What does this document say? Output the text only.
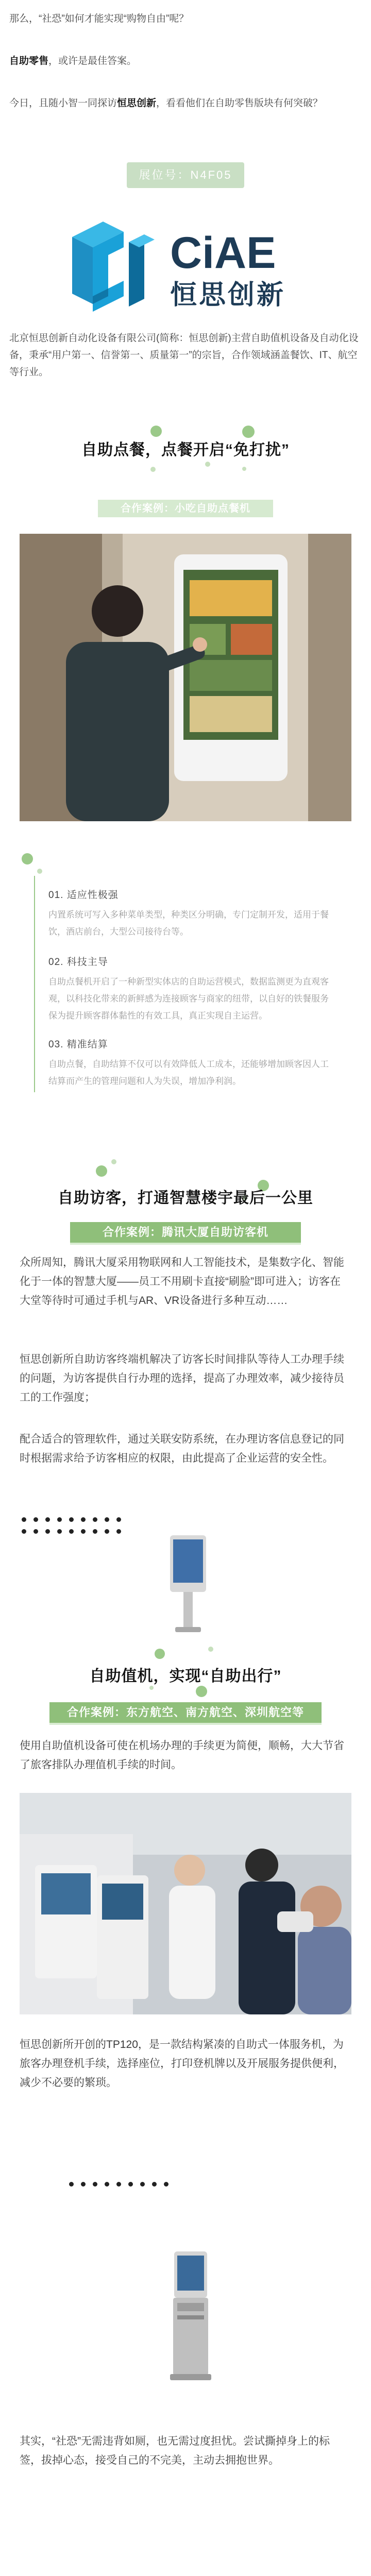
那么，“社恐”如何才能实现“购物自由”呢？

自助零售，或许是最佳答案。

今日，且随小智一同探访恒思创新，看看他们在自助零售版块有何突破？

展位号：N4F05
CiAE
恒思创新

北京恒思创新自动化设备有限公司(简称：恒思创新)主营自助值机设备及自动化设备，秉承“用户第一、信誉第一、质量第一”的宗旨，合作领域涵盖餐饮、IT、航空等行业。

自助点餐，点餐开启“免打扰”
合作案例：小吃自助点餐机

01. 适应性极强

内置系统可写入多种菜单类型，种类区分明确，专门定制开发，适用于餐饮，酒店前台，大型公司接待台等。

02. 科技主导

自助点餐机开启了一种新型实体店的自助运营模式，数据监测更为直观客观，以科技化带来的新鲜感为连接顾客与商家的纽带，以自好的铁餐服务保为提升顾客群体黏性的有效工具，真正实现自主运营。

03. 精准结算

自助点餐，自助结算不仅可以有效降低人工成本，还能够增加顾客因人工结算而产生的管理问题和人为失误，增加净利润。

自助访客，打通智慧楼宇最后一公里
合作案例：腾讯大厦自助访客机

众所周知，腾讯大厦采用物联网和人工智能技术，是集数字化、智能化于一体的智慧大厦——员工不用刷卡直接“刷脸”即可进入；访客在大堂等待时可通过手机与AR、VR设备进行多种互动……

恒思创新所自助访客终端机解决了访客长时间排队等待人工办理手续的问题，为访客提供自行办理的选择，提高了办理效率，减少接待员工的工作强度；

配合适合的管理软件，通过关联安防系统，在办理访客信息登记的同时根据需求给予访客相应的权限，由此提高了企业运营的安全性。

自助值机，实现“自助出行”
合作案例：东方航空、南方航空、深圳航空等

使用自助值机设备可使在机场办理的手续更为简便，顺畅，大大节省了旅客排队办理值机手续的时间。

恒思创新所开创的TP120，是一款结构紧凑的自助式一体服务机，为旅客办理登机手续，选择座位，打印登机牌以及开展服务提供便利，减少不必要的繁琐。

其实，“社恐”无需违背如厕，也无需过度担忧。尝试撕掉身上的标签，拔掉心态，接受自己的不完美，主动去拥抱世界。
